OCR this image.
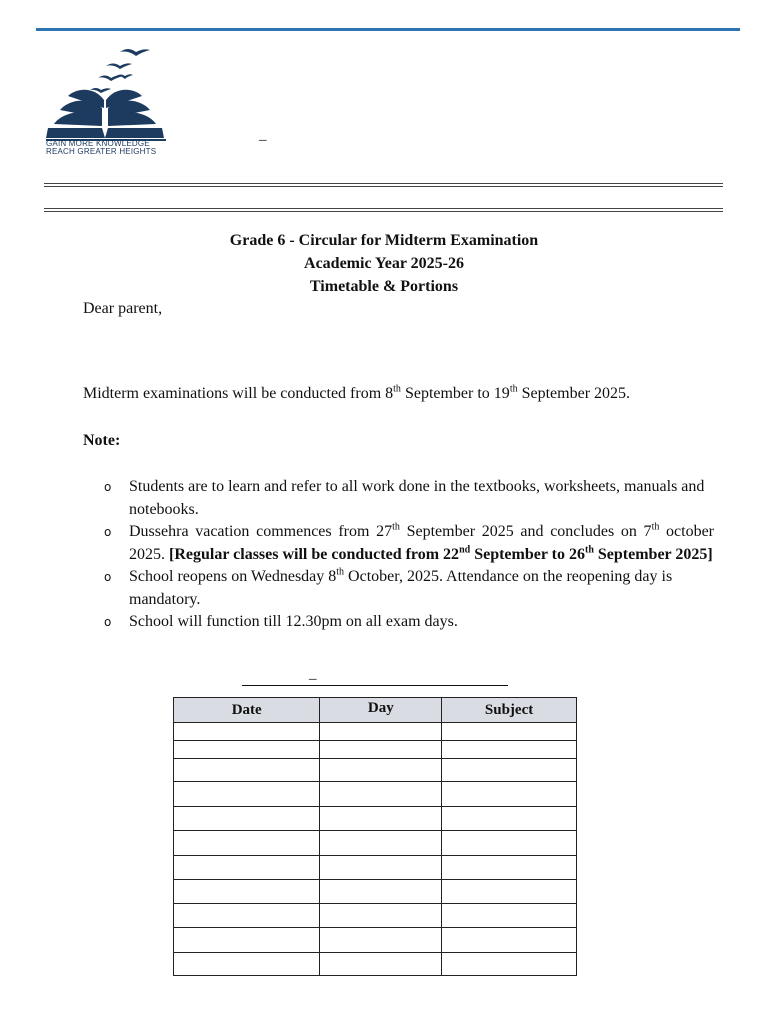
GAIN MORE KNOWLEDGE
REACH GREATER HEIGHTS
_
Grade 6 - Circular for Midterm Examination
Academic Year 2025-26
Timetable & Portions
Dear parent,
Midterm examinations will be conducted from 8th September to 19th September 2025.
Note:
o Students are to learn and refer to all work done in the textbooks, worksheets, manuals and notebooks.
o Dussehra vacation commences from 27th September 2025 and concludes on 7th october 2025. [Regular classes will be conducted from 22nd September to 26th September 2025]
o School reopens on Wednesday 8th October, 2025. Attendance on the reopening day is mandatory.
o School will function till 12.30pm on all exam days.
_
Date	Day	Subject
